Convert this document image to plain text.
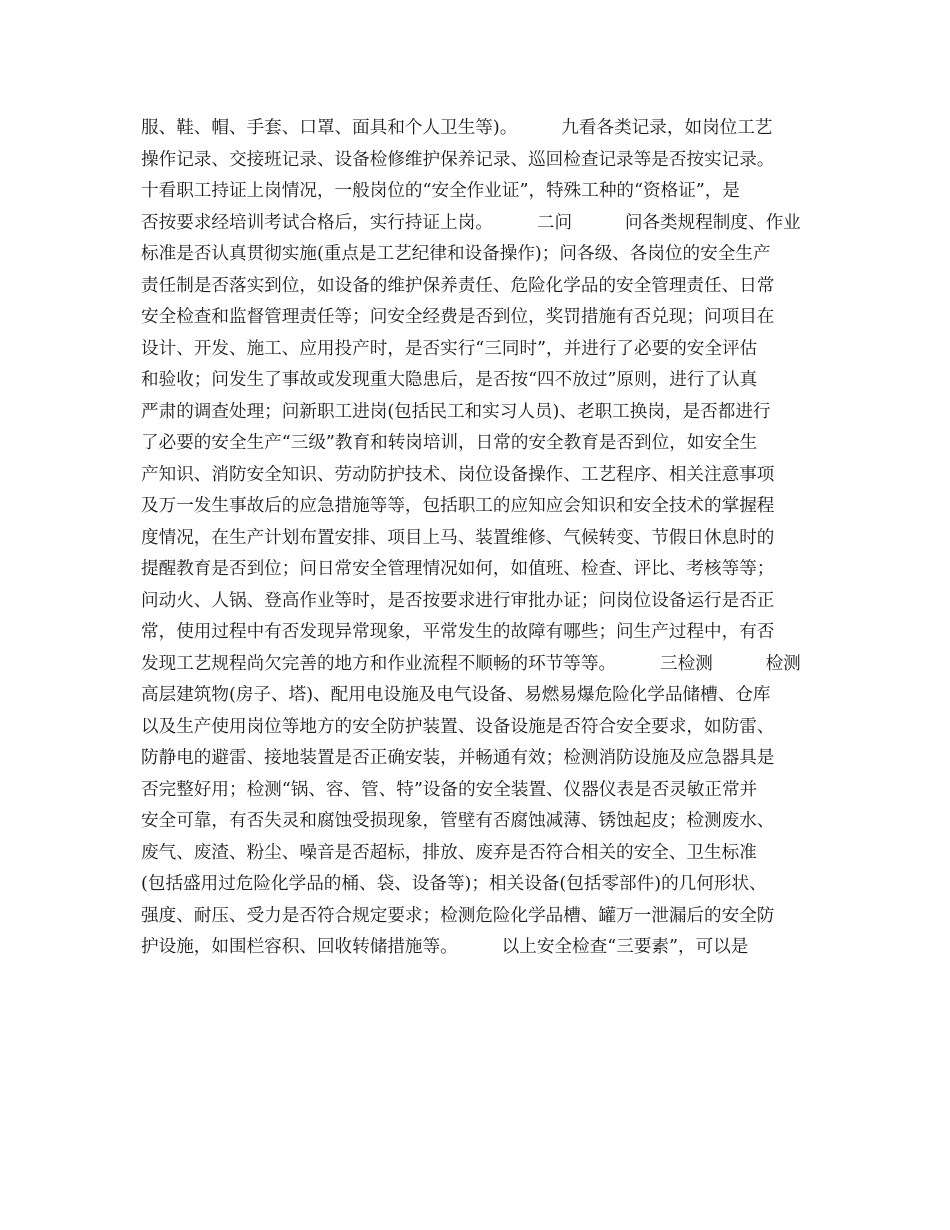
服、鞋、帽、手套、口罩、面具和个人卫生等)。　　　九看各类记录，如岗位工艺
操作记录、交接班记录、设备检修维护保养记录、巡回检查记录等是否按实记录。
十看职工持证上岗情况，一般岗位的“安全作业证”，特殊工种的“资格证”，是
否按要求经培训考试合格后，实行持证上岗。　　　二问　　　问各类规程制度、作业
标准是否认真贯彻实施(重点是工艺纪律和设备操作)；问各级、各岗位的安全生产
责任制是否落实到位，如设备的维护保养责任、危险化学品的安全管理责任、日常
安全检查和监督管理责任等；问安全经费是否到位，奖罚措施有否兑现；问项目在
设计、开发、施工、应用投产时，是否实行“三同时”，并进行了必要的安全评估
和验收；问发生了事故或发现重大隐患后，是否按“四不放过”原则，进行了认真
严肃的调查处理；问新职工进岗(包括民工和实习人员)、老职工换岗，是否都进行
了必要的安全生产“三级”教育和转岗培训，日常的安全教育是否到位，如安全生
产知识、消防安全知识、劳动防护技术、岗位设备操作、工艺程序、相关注意事项
及万一发生事故后的应急措施等等，包括职工的应知应会知识和安全技术的掌握程
度情况，在生产计划布置安排、项目上马、装置维修、气候转变、节假日休息时的
提醒教育是否到位；问日常安全管理情况如何，如值班、检查、评比、考核等等；
问动火、人锅、登高作业等时，是否按要求进行审批办证；问岗位设备运行是否正
常，使用过程中有否发现异常现象，平常发生的故障有哪些；问生产过程中，有否
发现工艺规程尚欠完善的地方和作业流程不顺畅的环节等等。　　　三检测　　　检测
高层建筑物(房子、塔)、配用电设施及电气设备、易燃易爆危险化学品储槽、仓库
以及生产使用岗位等地方的安全防护装置、设备设施是否符合安全要求，如防雷、
防静电的避雷、接地装置是否正确安装，并畅通有效；检测消防设施及应急器具是
否完整好用；检测“锅、容、管、特”设备的安全装置、仪器仪表是否灵敏正常并
安全可靠，有否失灵和腐蚀受损现象，管壁有否腐蚀减薄、锈蚀起皮；检测废水、
废气、废渣、粉尘、噪音是否超标，排放、废弃是否符合相关的安全、卫生标准
(包括盛用过危险化学品的桶、袋、设备等)；相关设备(包括零部件)的几何形状、
强度、耐压、受力是否符合规定要求；检测危险化学品槽、罐万一泄漏后的安全防
护设施，如围栏容积、回收转储措施等。　　　以上安全检查“三要素”，可以是
